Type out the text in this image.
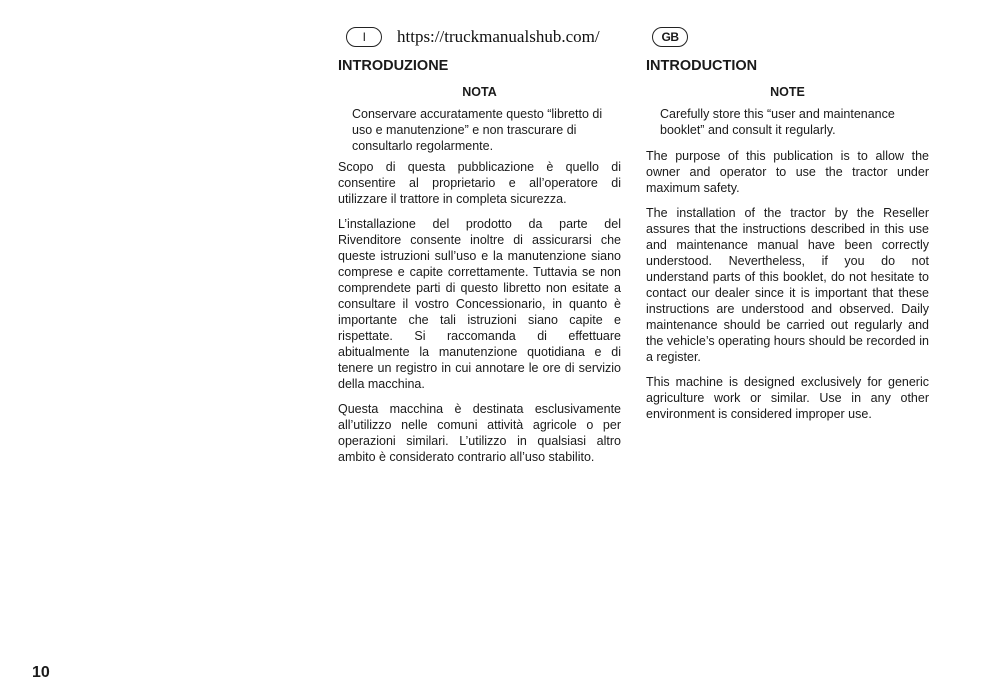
I	https://truckmanualshub.com/	GB
INTRODUZIONE
NOTA
Conservare accuratamente questo “libretto di uso e manutenzione” e non trascurare di consultarlo regolarmente.

Scopo di questa pubblicazione è quello di consentire al proprietario e all’operatore di utilizzare il trattore in completa sicurezza.

L’installazione del prodotto da parte del Rivenditore consente inoltre di assicurarsi che queste istruzioni sull’uso e la manutenzione siano comprese e capite correttamente. Tuttavia se non comprendete parti di questo libretto non esitate a consultare il vostro Concessionario, in quanto è importante che tali istruzioni siano capite e rispettate. Si raccomanda di effettuare abitualmente la manutenzione quotidiana e di tenere un registro in cui annotare le ore di servizio della macchina.

Questa macchina è destinata esclusivamente all’utilizzo nelle comuni attività agricole o per operazioni similari. L’utilizzo in qualsiasi altro ambito è considerato contrario all’uso stabilito.

INTRODUCTION
NOTE
Carefully store this “user and maintenance booklet” and consult it regularly.

The purpose of this publication is to allow the owner and operator to use the tractor under maximum safety.

The installation of the tractor by the Reseller assures that the instructions described in this use and maintenance manual have been correctly understood. Nevertheless, if you do not understand parts of this booklet, do not hesitate to contact our dealer since it is important that these instructions are understood and observed. Daily maintenance should be carried out regularly and the vehicle’s operating hours should be recorded in a register.

This machine is designed exclusively for generic agriculture work or similar. Use in any other environment is considered improper use.

10
